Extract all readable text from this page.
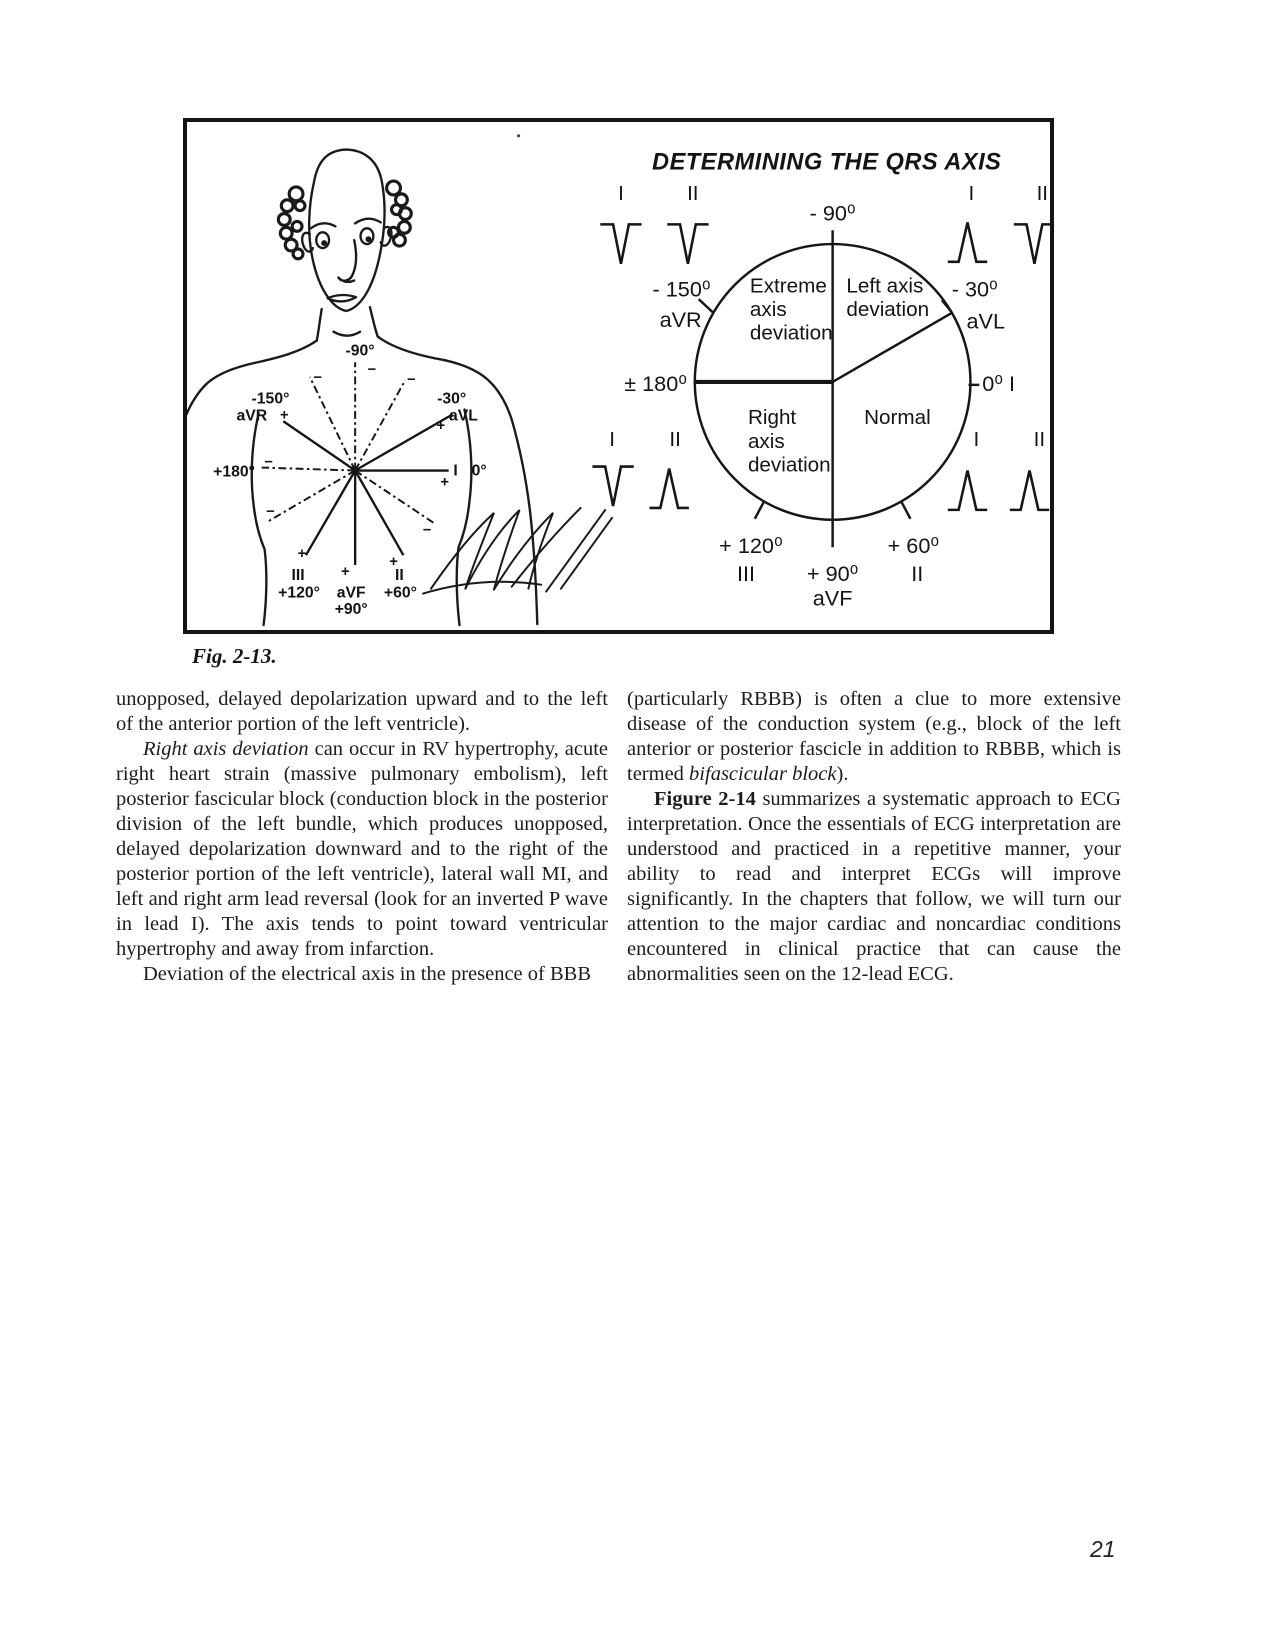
DETERMINING THE QRS AXIS
-90°
−
-150°
aVR +
-30°
aVL
+
+180°
−	I 0°
+
+
III
+120°
+
aVF
+90°
+
II
+60°
−	−
−
−
Extreme
axis
deviation
Left axis
deviation
Right
axis
deviation
Normal
- 90⁰
- 150⁰
aVR
- 30⁰
aVL
± 180⁰	0⁰ I
+ 120⁰
III + 90⁰
aVF
+ 60⁰
II
I	II	I	II
I	II	I	II
Fig. 2-13.

unopposed, delayed depolarization upward and to the left of the anterior portion of the left ventricle).

Right axis deviation can occur in RV hypertrophy, acute right heart strain (massive pulmonary embolism), left posterior fascicular block (conduction block in the posterior division of the left bundle, which produces unopposed, delayed depolarization downward and to the right of the posterior portion of the left ventricle), lateral wall MI, and left and right arm lead reversal (look for an inverted P wave in lead I). The axis tends to point toward ventricular hypertrophy and away from infarction.

Deviation of the electrical axis in the presence of BBB

(particularly RBBB) is often a clue to more extensive disease of the conduction system (e.g., block of the left anterior or posterior fascicle in addition to RBBB, which is termed bifascicular block).

Figure 2-14 summarizes a systematic approach to ECG interpretation. Once the essentials of ECG interpretation are understood and practiced in a repetitive manner, your ability to read and interpret ECGs will improve significantly. In the chapters that follow, we will turn our attention to the major cardiac and noncardiac conditions encountered in clinical practice that can cause the abnormalities seen on the 12-lead ECG.

21
